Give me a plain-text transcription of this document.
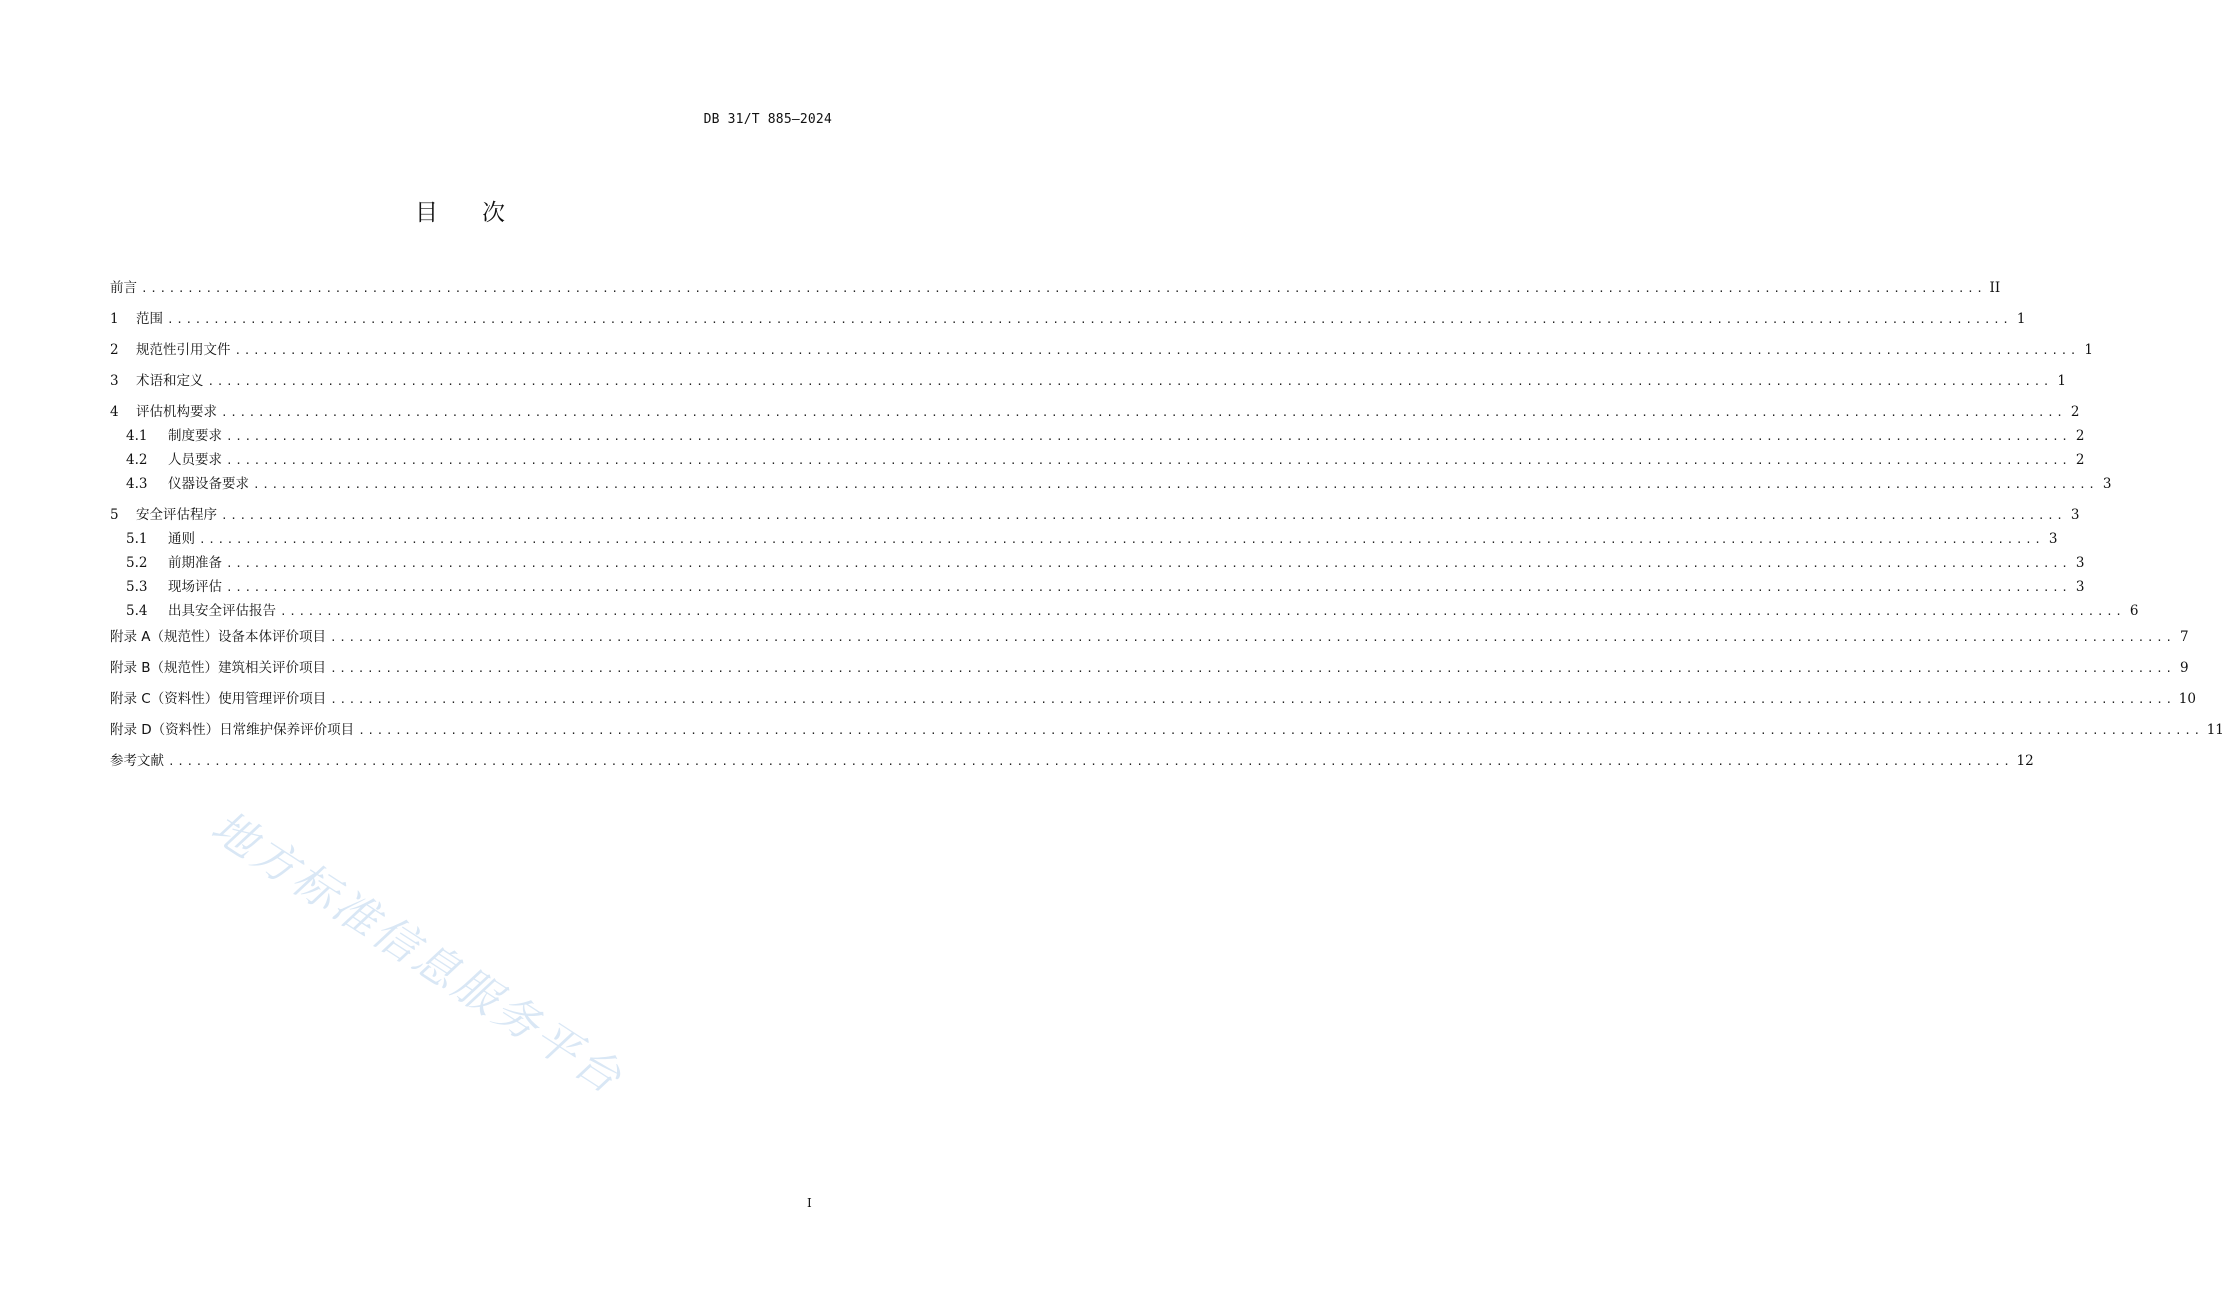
DB 31/T 885—2024
目 次
前言 ........................................................................................................................................................................................................ II
1	范围 ........................................................................................................................................................................................................ 1
2	规范性引用文件 ........................................................................................................................................................................................................ 1
3	术语和定义 ........................................................................................................................................................................................................ 1
4	评估机构要求 ........................................................................................................................................................................................................ 2
4.1	制度要求 ........................................................................................................................................................................................................ 2
4.2	人员要求 ........................................................................................................................................................................................................ 2
4.3	仪器设备要求 ........................................................................................................................................................................................................ 3
5	安全评估程序 ........................................................................................................................................................................................................ 3
5.1	通则 ........................................................................................................................................................................................................ 3
5.2	前期准备 ........................................................................................................................................................................................................ 3
5.3	现场评估 ........................................................................................................................................................................................................ 3
5.4	出具安全评估报告 ........................................................................................................................................................................................................ 6
附录 A（规范性） 设备本体评价项目 ........................................................................................................................................................................................................ 7
附录 B（规范性） 建筑相关评价项目 ........................................................................................................................................................................................................ 9
附录 C（资料性） 使用管理评价项目 ........................................................................................................................................................................................................ 10
附录 D（资料性） 日常维护保养评价项目 ........................................................................................................................................................................................................ 11
参考文献 ........................................................................................................................................................................................................ 12
I
地方标准信息服务平台
